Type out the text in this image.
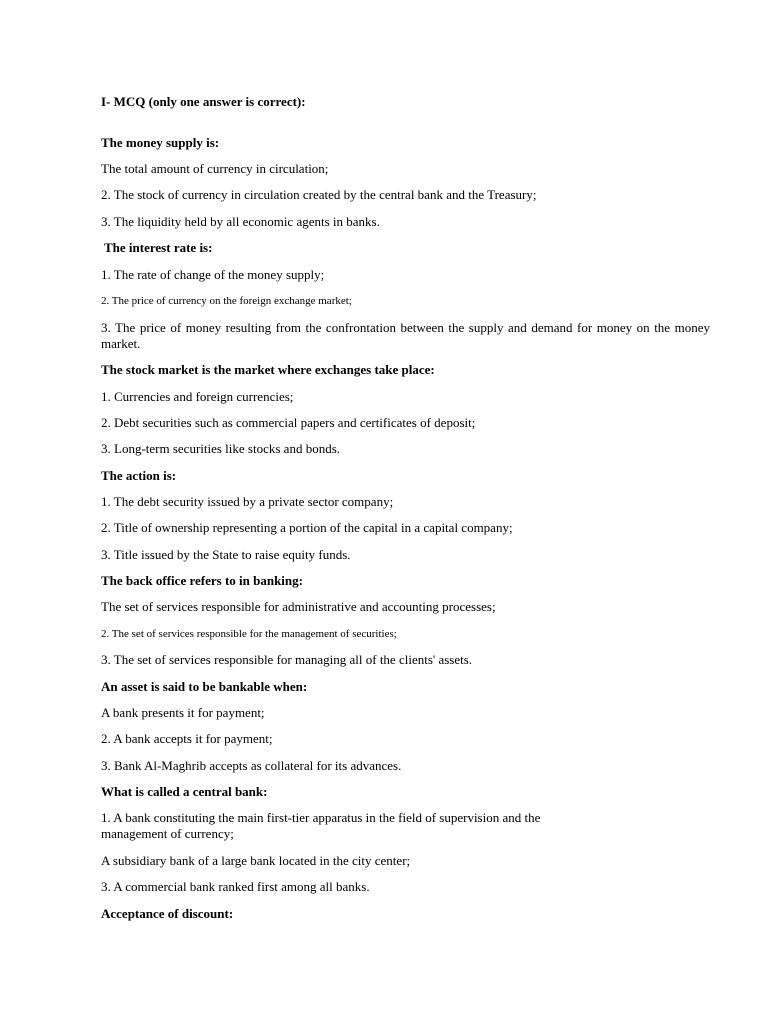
I- MCQ (only one answer is correct):
The money supply is:
The total amount of currency in circulation;
2. The stock of currency in circulation created by the central bank and the Treasury;
3. The liquidity held by all economic agents in banks.
The interest rate is:
1. The rate of change of the money supply;
2. The price of currency on the foreign exchange market;
3. The price of money resulting from the confrontation between the supply and demand for money on the money market.
The stock market is the market where exchanges take place:
1. Currencies and foreign currencies;
2. Debt securities such as commercial papers and certificates of deposit;
3. Long-term securities like stocks and bonds.
The action is:
1. The debt security issued by a private sector company;
2. Title of ownership representing a portion of the capital in a capital company;
3. Title issued by the State to raise equity funds.
The back office refers to in banking:
The set of services responsible for administrative and accounting processes;
2. The set of services responsible for the management of securities;
3. The set of services responsible for managing all of the clients' assets.
An asset is said to be bankable when:
A bank presents it for payment;
2. A bank accepts it for payment;
3. Bank Al-Maghrib accepts as collateral for its advances.
What is called a central bank:
1. A bank constituting the main first-tier apparatus in the field of supervision and the management of currency;
A subsidiary bank of a large bank located in the city center;
3. A commercial bank ranked first among all banks.
Acceptance of discount:
